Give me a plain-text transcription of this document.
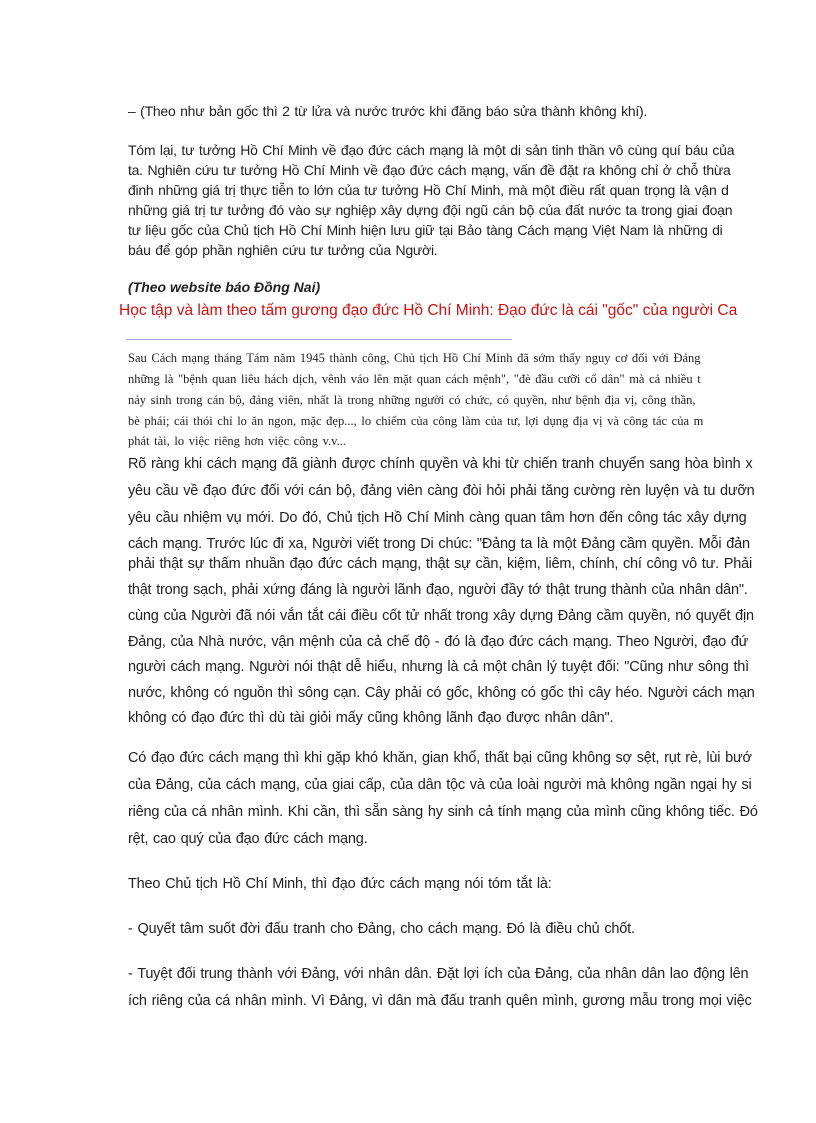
– (Theo như bản gốc thì 2 từ lửa và nước trước khi đăng báo sửa thành không khí).
Tóm lại, tư tưởng Hồ Chí Minh về đạo đức cách mạng là một di sản tinh thần vô cùng quí báu của
ta. Nghiên cứu tư tưởng Hồ Chí Minh về đạo đức cách mạng, vấn đề đặt ra không chỉ ở chỗ thừa
đinh những giá trị thực tiễn to lớn của tư tưởng Hồ Chí Minh, mà một điều rất quan trọng là vận d
những giá trị tư tưởng đó vào sự nghiệp xây dựng đội ngũ cán bộ của đất nước ta trong giai đoạn
tư liệu gốc của Chủ tịch Hồ Chí Minh hiện lưu giữ tại Bảo tàng Cách mạng Việt Nam là những di
báu để góp phần nghiên cứu tư tưởng của Người.
(Theo website báo Đồng Nai)
Học tập và làm theo tấm gương đạo đức Hồ Chí Minh: Đạo đức là cái "gốc" của người Ca
Sau Cách mạng tháng Tám năm 1945 thành công, Chủ tịch Hồ Chí Minh đã sớm thấy nguy cơ đối với Đảng
những là "bệnh quan liêu hách dịch, vênh váo lên mặt quan cách mệnh", "đè đầu cưỡi cổ dân" mà cả nhiều t
nảy sinh trong cán bộ, đảng viên, nhất là trong những người có chức, có quyền, như bệnh địa vị, công thần,
bè phái; cái thói chỉ lo ăn ngon, mặc đẹp..., lo chiếm của công làm của tư, lợi dụng địa vị và công tác của m
phát tài, lo việc riêng hơn việc công v.v...
Rõ ràng khi cách mạng đã giành được chính quyền và khi từ chiến tranh chuyển sang hòa bình x
yêu cầu về đạo đức đối với cán bộ, đảng viên càng đòi hỏi phải tăng cường rèn luyện và tu dưỡn
yêu cầu nhiệm vụ mới. Do đó, Chủ tịch Hồ Chí Minh càng quan tâm hơn đến công tác xây dựng
cách mạng. Trước lúc đi xa, Người viết trong Di chúc: "Đảng ta là một Đảng cầm quyền. Mỗi đản
phải thật sự thấm nhuần đạo đức cách mạng, thật sự cần, kiệm, liêm, chính, chí công vô tư. Phải
thật trong sạch, phải xứng đáng là người lãnh đạo, người đầy tớ thật trung thành của nhân dân".
cùng của Người đã nói vắn tắt cái điều cốt tử nhất trong xây dựng Đảng cầm quyền, nó quyết địn
Đảng, của Nhà nước, vận mệnh của cả chế độ - đó là đạo đức cách mạng. Theo Người, đạo đứ
người cách mạng. Người nói thật dễ hiểu, nhưng là cả một chân lý tuyệt đối: "Cũng như sông thì
nước, không có nguồn thì sông cạn. Cây phải có gốc, không có gốc thì cây héo. Người cách mạn
không có đạo đức thì dù tài giỏi mấy cũng không lãnh đạo được nhân dân".
Có đạo đức cách mạng thì khi gặp khó khăn, gian khổ, thất bại cũng không sợ sệt, rụt rè, lùi bướ
của Đảng, của cách mạng, của giai cấp, của dân tộc và của loài người mà không ngần ngại hy si
riêng của cá nhân mình. Khi cần, thì sẵn sàng hy sinh cả tính mạng của mình cũng không tiếc. Đó
rệt, cao quý của đạo đức cách mạng.
Theo Chủ tịch Hồ Chí Minh, thì đạo đức cách mạng nói tóm tắt là:
- Quyết tâm suốt đời đấu tranh cho Đảng, cho cách mạng. Đó là điều chủ chốt.
- Tuyệt đối trung thành với Đảng, với nhân dân. Đặt lợi ích của Đảng, của nhân dân lao động lên
ích riêng của cá nhân mình. Vì Đảng, vì dân mà đấu tranh quên mình, gương mẫu trong mọi việc
